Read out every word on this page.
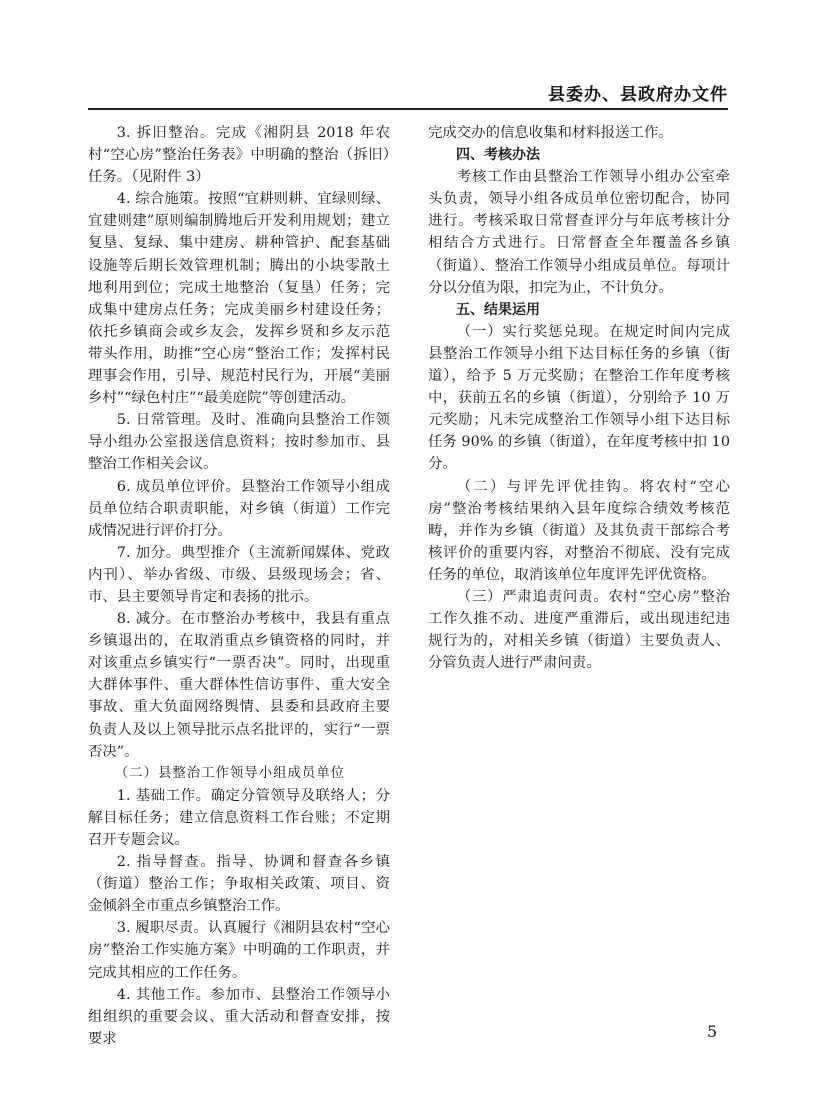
县委办、县政府办文件

3. 拆旧整治。完成《湘阴县 2018 年农村“空心房”整治任务表》中明确的整治（拆旧）任务。（见附件 3）

4. 综合施策。按照“宜耕则耕、宜绿则绿、宜建则建”原则编制腾地后开发利用规划；建立复垦、复绿、集中建房、耕种管护、配套基础设施等后期长效管理机制；腾出的小块零散土地利用到位；完成土地整治（复垦）任务；完成集中建房点任务；完成美丽乡村建设任务；依托乡镇商会或乡友会，发挥乡贤和乡友示范带头作用，助推“空心房”整治工作；发挥村民理事会作用，引导、规范村民行为，开展“美丽乡村”“绿色村庄”“最美庭院”等创建活动。

5. 日常管理。及时、准确向县整治工作领导小组办公室报送信息资料；按时参加市、县整治工作相关会议。

6. 成员单位评价。县整治工作领导小组成员单位结合职责职能，对乡镇（街道）工作完成情况进行评价打分。

7. 加分。典型推介（主流新闻媒体、党政内刊）、举办省级、市级、县级现场会；省、市、县主要领导肯定和表扬的批示。

8. 减分。在市整治办考核中，我县有重点乡镇退出的，在取消重点乡镇资格的同时，并对该重点乡镇实行“一票否决”。同时，出现重大群体事件、重大群体性信访事件、重大安全事故、重大负面网络舆情、县委和县政府主要负责人及以上领导批示点名批评的，实行“一票否决”。

（二）县整治工作领导小组成员单位

1. 基础工作。确定分管领导及联络人；分解目标任务；建立信息资料工作台账；不定期召开专题会议。

2. 指导督查。指导、协调和督查各乡镇（街道）整治工作；争取相关政策、项目、资金倾斜全市重点乡镇整治工作。

3. 履职尽责。认真履行《湘阴县农村“空心房”整治工作实施方案》中明确的工作职责，并完成其相应的工作任务。

4. 其他工作。参加市、县整治工作领导小组组织的重要会议、重大活动和督查安排，按要求

完成交办的信息收集和材料报送工作。

四、考核办法

考核工作由县整治工作领导小组办公室牵头负责，领导小组各成员单位密切配合，协同进行。考核采取日常督查评分与年底考核计分相结合方式进行。日常督查全年覆盖各乡镇（街道）、整治工作领导小组成员单位。每项计分以分值为限，扣完为止，不计负分。

五、结果运用

（一）实行奖惩兑现。在规定时间内完成县整治工作领导小组下达目标任务的乡镇（街道），给予 5 万元奖励；在整治工作年度考核中，获前五名的乡镇（街道），分别给予 10 万元奖励；凡未完成整治工作领导小组下达目标任务 90% 的乡镇（街道），在年度考核中扣 10 分。

（二）与评先评优挂钩。将农村“空心房”整治考核结果纳入县年度综合绩效考核范畴，并作为乡镇（街道）及其负责干部综合考核评价的重要内容，对整治不彻底、没有完成任务的单位，取消该单位年度评先评优资格。

（三）严肃追责问责。农村“空心房”整治工作久推不动、进度严重滞后，或出现违纪违规行为的，对相关乡镇（街道）主要负责人、分管负责人进行严肃问责。

5
